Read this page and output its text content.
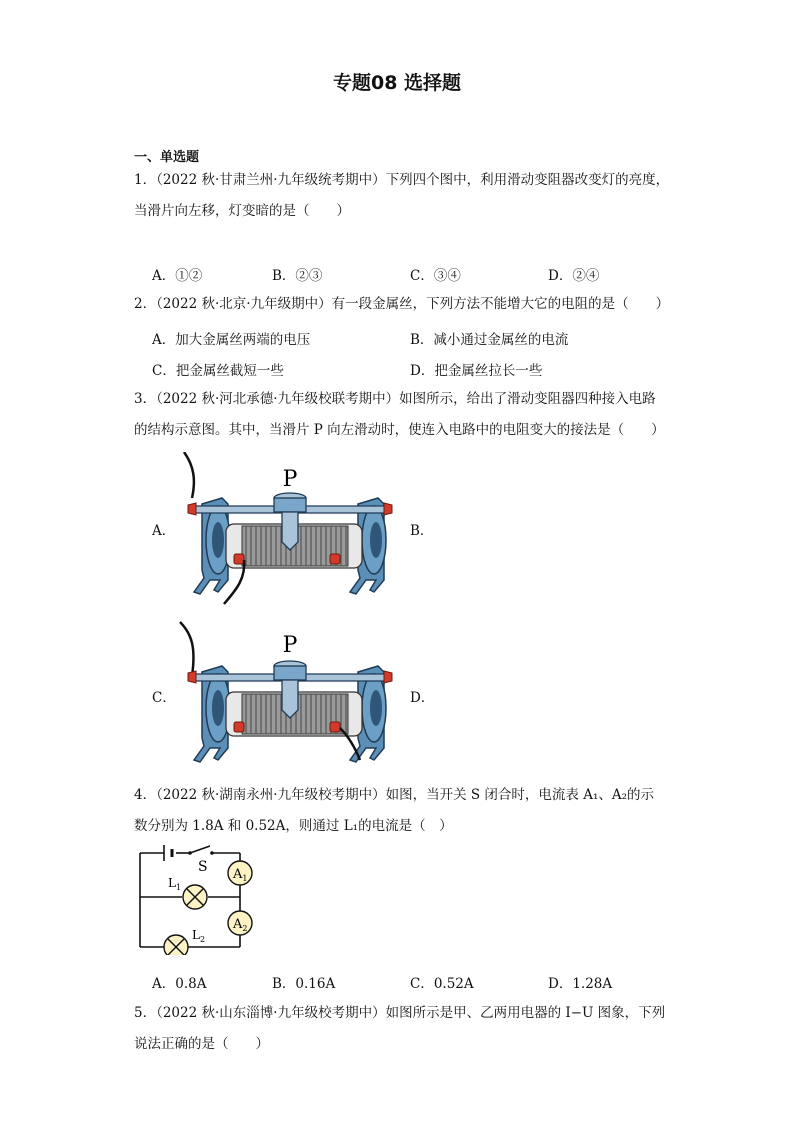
专题08 选择题
一、单选题
1．（2022 秋·甘肃兰州·九年级统考期中）下列四个图中，利用滑动变阻器改变灯的亮度，
当滑片向左移，灯变暗的是（　　）
A．①②	B．②③	C．③④	D．②④
2．（2022 秋·北京·九年级期中）有一段金属丝，下列方法不能增大它的电阻的是（　　）
A．加大金属丝两端的电压	B．减小通过金属丝的电流
C．把金属丝截短一些	D．把金属丝拉长一些
3．（2022 秋·河北承德·九年级校联考期中）如图所示，给出了滑动变阻器四种接入电路
的结构示意图。其中，当滑片 P 向左滑动时，使连入电路中的电阻变大的接法是（　　）
A．
P
B．
C．
P
D．
4．（2022 秋·湖南永州·九年级校考期中）如图，当开关 S 闭合时，电流表 A₁、A₂的示
数分别为 1.8A 和 0.52A，则通过 L₁的电流是（　）
S
$L_1$
$A_1$
$A_2$
$L_2$
A．0.8A	B．0.16A	C．0.52A	D．1.28A
5．（2022 秋·山东淄博·九年级校考期中）如图所示是甲、乙两用电器的 I−U 图象，下列
说法正确的是（　　）
